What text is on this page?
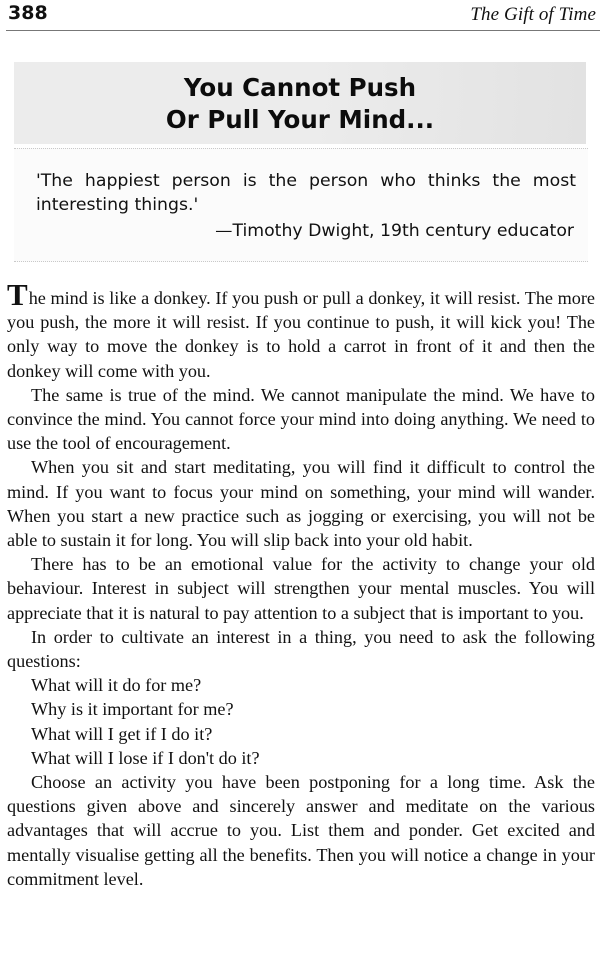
388	The Gift of Time
You Cannot Push
Or Pull Your Mind...
'The happiest person is the person who thinks the most interesting things.'
—Timothy Dwight, 19th century educator

The mind is like a donkey. If you push or pull a donkey, it will resist. The more you push, the more it will resist. If you continue to push, it will kick you! The only way to move the donkey is to hold a carrot in front of it and then the donkey will come with you.

The same is true of the mind. We cannot manipulate the mind. We have to convince the mind. You cannot force your mind into doing anything. We need to use the tool of encouragement.

When you sit and start meditating, you will find it difficult to control the mind. If you want to focus your mind on something, your mind will wander. When you start a new practice such as jogging or exercising, you will not be able to sustain it for long. You will slip back into your old habit.

There has to be an emotional value for the activity to change your old behaviour. Interest in subject will strengthen your mental muscles. You will appreciate that it is natural to pay attention to a subject that is important to you.

In order to cultivate an interest in a thing, you need to ask the following questions:

What will it do for me?

Why is it important for me?

What will I get if I do it?

What will I lose if I don't do it?

Choose an activity you have been postponing for a long time. Ask the questions given above and sincerely answer and meditate on the various advantages that will accrue to you. List them and ponder. Get excited and mentally visualise getting all the benefits. Then you will notice a change in your commitment level.
